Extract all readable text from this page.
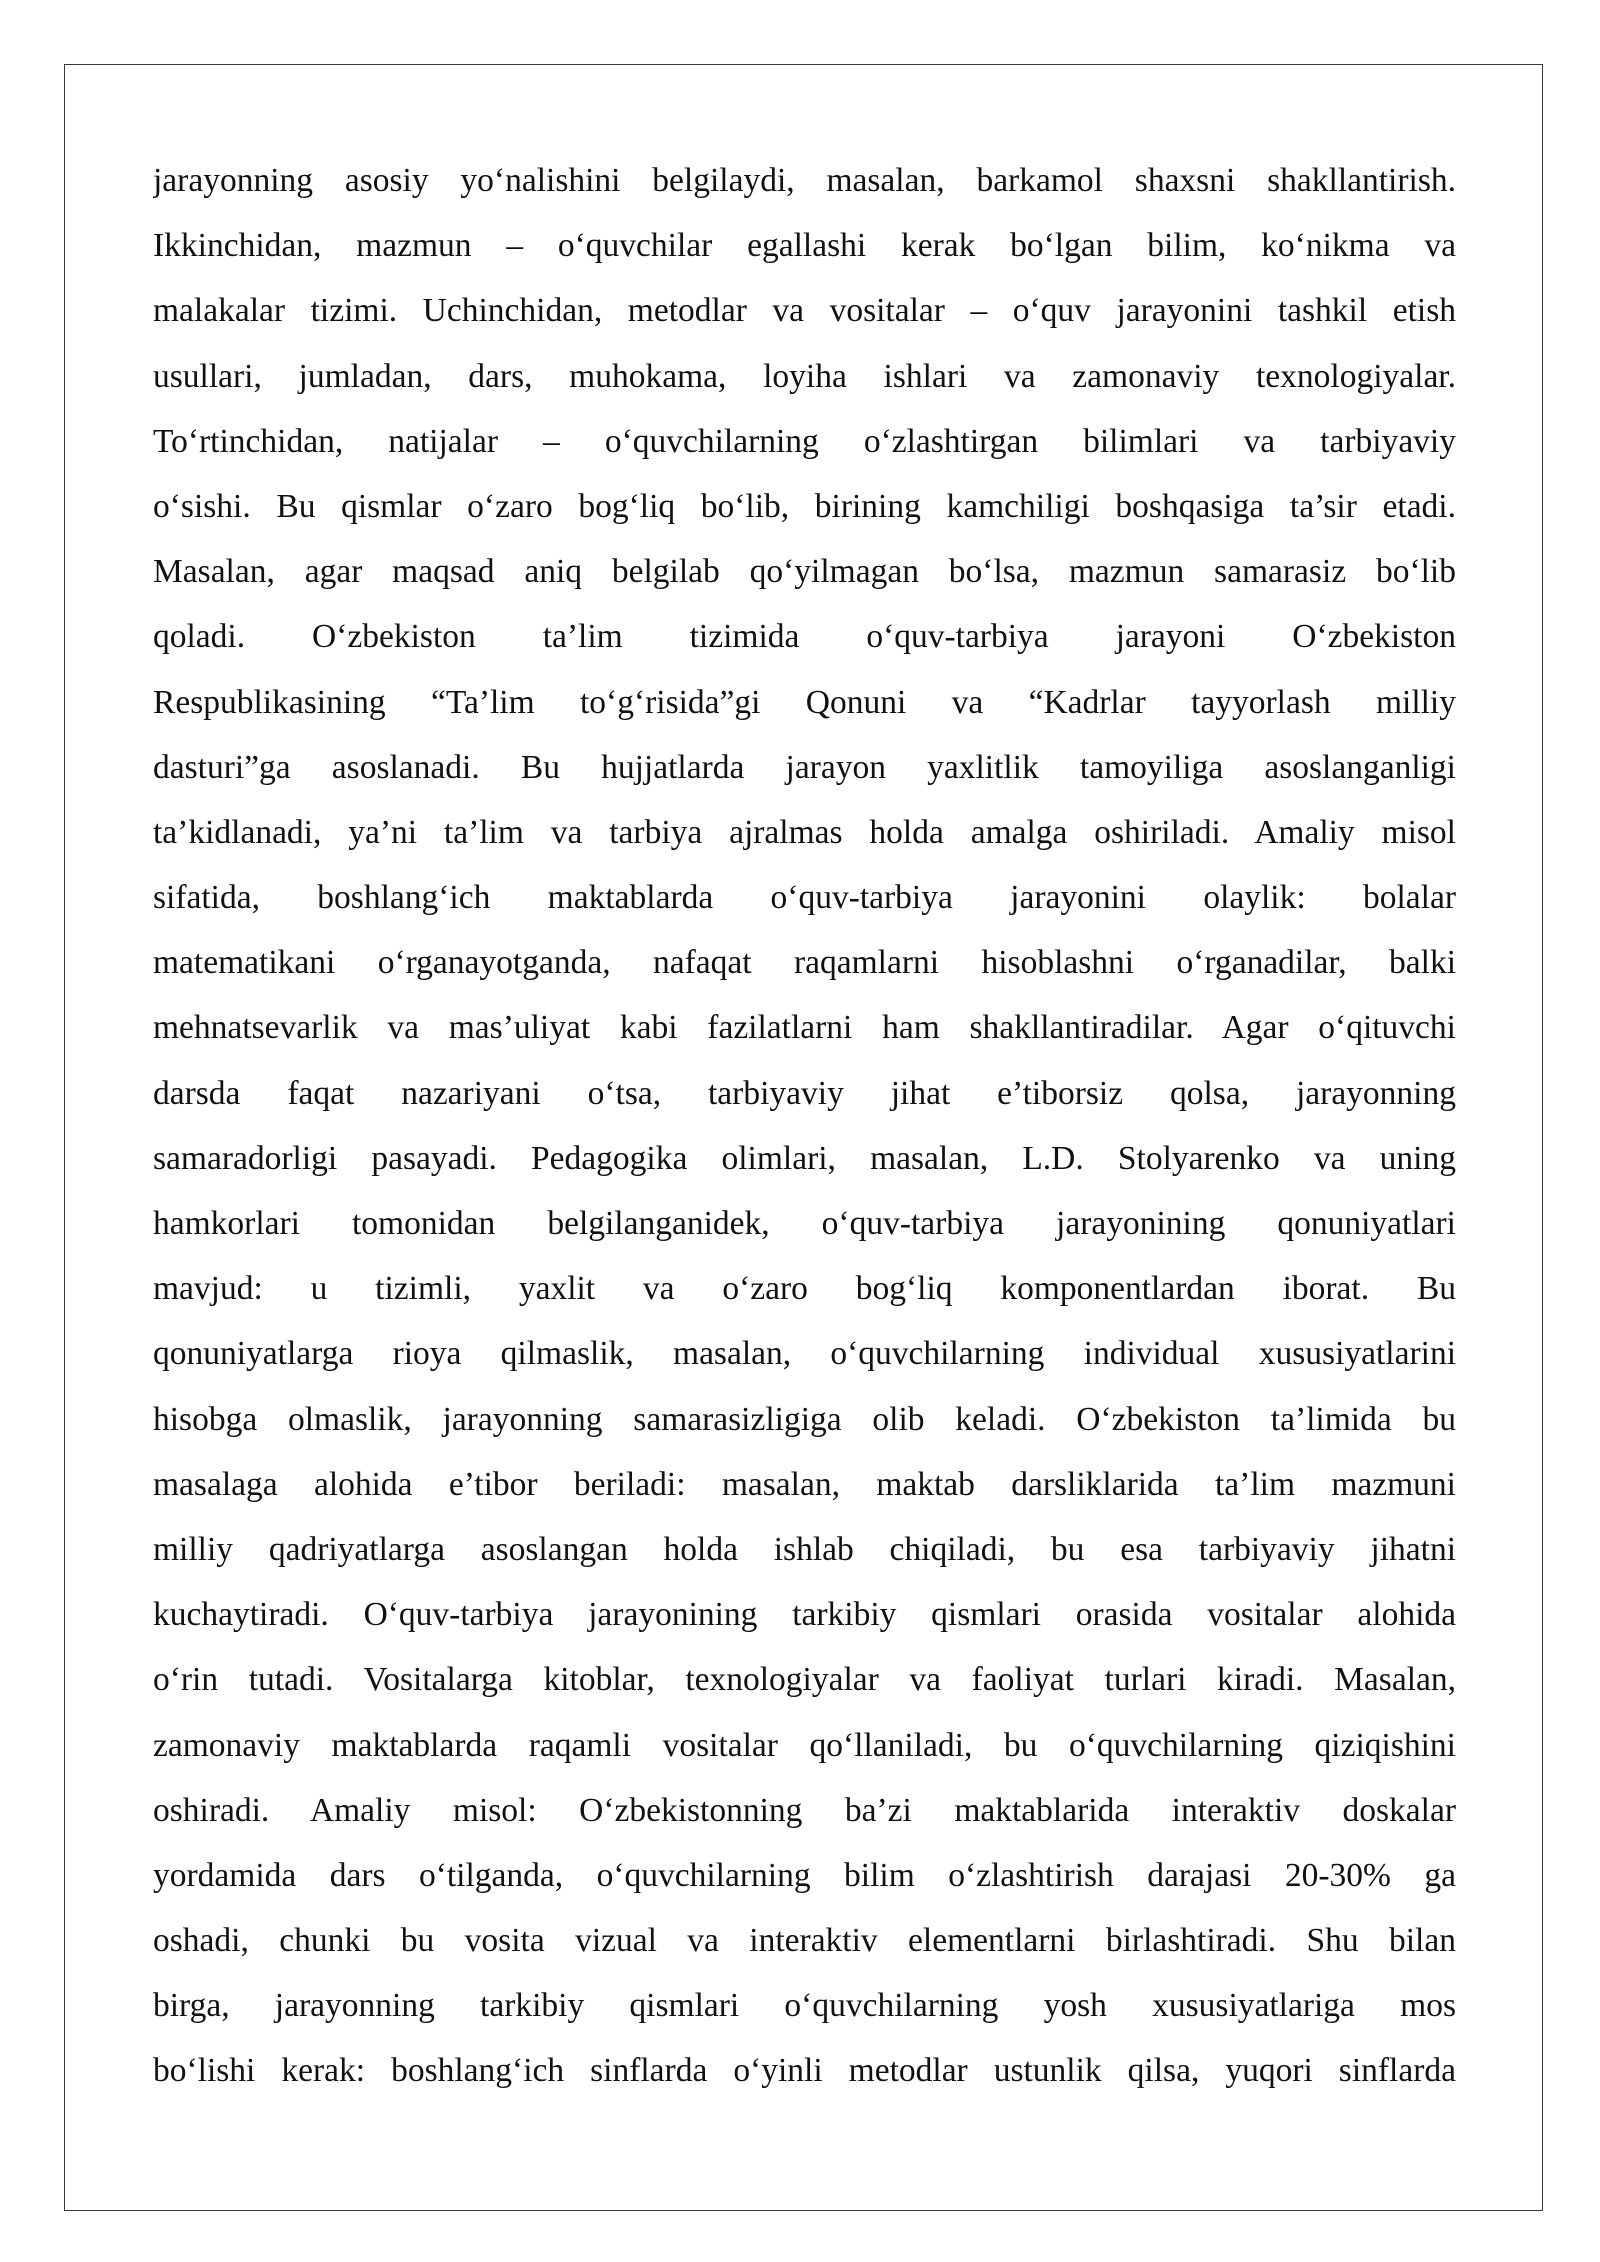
jarayonning asosiy yo‘nalishini belgilaydi, masalan, barkamol shaxsni shakllantirish.
Ikkinchidan, mazmun – o‘quvchilar egallashi kerak bo‘lgan bilim, ko‘nikma va
malakalar tizimi. Uchinchidan, metodlar va vositalar – o‘quv jarayonini tashkil etish
usullari, jumladan, dars, muhokama, loyiha ishlari va zamonaviy texnologiyalar.
To‘rtinchidan, natijalar – o‘quvchilarning o‘zlashtirgan bilimlari va tarbiyaviy
o‘sishi. Bu qismlar o‘zaro bog‘liq bo‘lib, birining kamchiligi boshqasiga ta’sir etadi.
Masalan, agar maqsad aniq belgilab qo‘yilmagan bo‘lsa, mazmun samarasiz bo‘lib
qoladi. O‘zbekiston ta’lim tizimida o‘quv-tarbiya jarayoni O‘zbekiston
Respublikasining “Ta’lim to‘g‘risida”gi Qonuni va “Kadrlar tayyorlash milliy
dasturi”ga asoslanadi. Bu hujjatlarda jarayon yaxlitlik tamoyiliga asoslanganligi
ta’kidlanadi, ya’ni ta’lim va tarbiya ajralmas holda amalga oshiriladi. Amaliy misol
sifatida, boshlang‘ich maktablarda o‘quv-tarbiya jarayonini olaylik: bolalar
matematikani o‘rganayotganda, nafaqat raqamlarni hisoblashni o‘rganadilar, balki
mehnatsevarlik va mas’uliyat kabi fazilatlarni ham shakllantiradilar. Agar o‘qituvchi
darsda faqat nazariyani o‘tsa, tarbiyaviy jihat e’tiborsiz qolsa, jarayonning
samaradorligi pasayadi. Pedagogika olimlari, masalan, L.D. Stolyarenko va uning
hamkorlari tomonidan belgilanganidek, o‘quv-tarbiya jarayonining qonuniyatlari
mavjud: u tizimli, yaxlit va o‘zaro bog‘liq komponentlardan iborat. Bu
qonuniyatlarga rioya qilmaslik, masalan, o‘quvchilarning individual xususiyatlarini
hisobga olmaslik, jarayonning samarasizligiga olib keladi. O‘zbekiston ta’limida bu
masalaga alohida e’tibor beriladi: masalan, maktab darsliklarida ta’lim mazmuni
milliy qadriyatlarga asoslangan holda ishlab chiqiladi, bu esa tarbiyaviy jihatni
kuchaytiradi. O‘quv-tarbiya jarayonining tarkibiy qismlari orasida vositalar alohida
o‘rin tutadi. Vositalarga kitoblar, texnologiyalar va faoliyat turlari kiradi. Masalan,
zamonaviy maktablarda raqamli vositalar qo‘llaniladi, bu o‘quvchilarning qiziqishini
oshiradi. Amaliy misol: O‘zbekistonning ba’zi maktablarida interaktiv doskalar
yordamida dars o‘tilganda, o‘quvchilarning bilim o‘zlashtirish darajasi 20-30% ga
oshadi, chunki bu vosita vizual va interaktiv elementlarni birlashtiradi. Shu bilan
birga, jarayonning tarkibiy qismlari o‘quvchilarning yosh xususiyatlariga mos
bo‘lishi kerak: boshlang‘ich sinflarda o‘yinli metodlar ustunlik qilsa, yuqori sinflarda
